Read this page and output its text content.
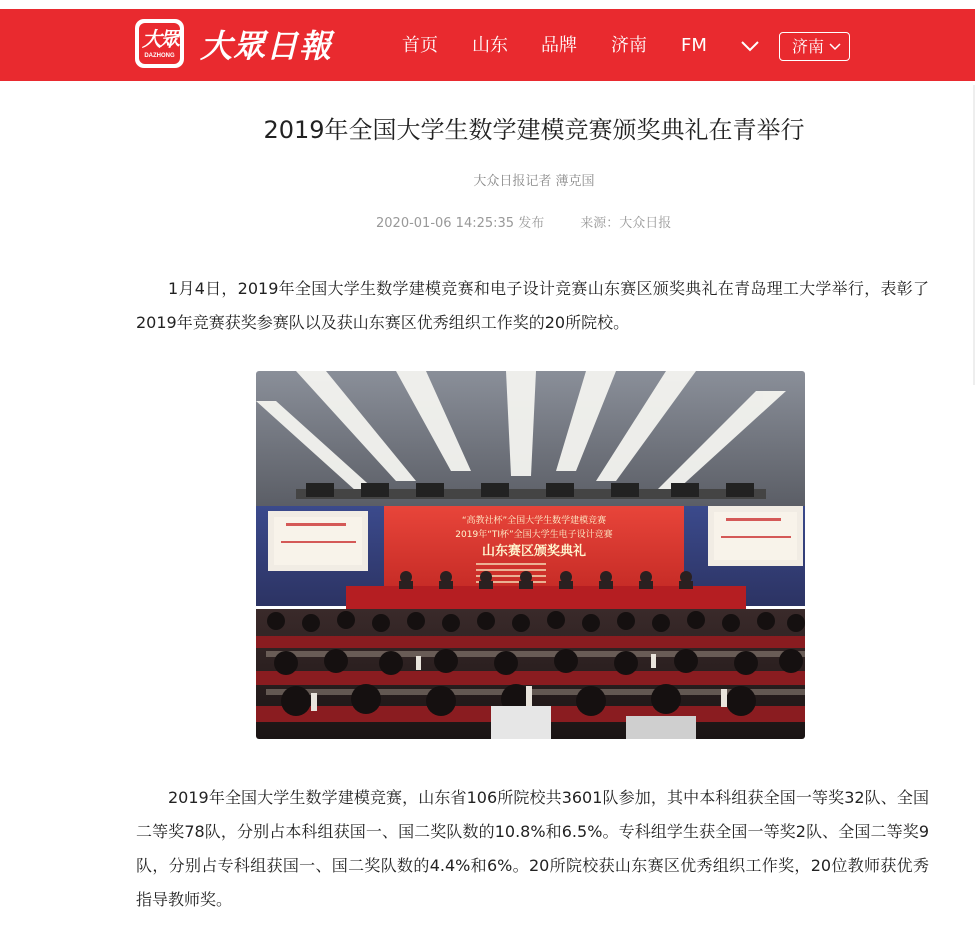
大眾
DAZHONG 大眾日報	首页 山东 品牌 济南 FM	济南
2019年全国大学生数学建模竞赛颁奖典礼在青举行
大众日报记者 薄克国
2020-01-06 14:25:35 发布	来源：大众日报

1月4日，2019年全国大学生数学建模竞赛和电子设计竞赛山东赛区颁奖典礼在青岛理工大学举行，表彰了2019年竞赛获奖参赛队以及获山东赛区优秀组织工作奖的20所院校。

“高教社杯”全国大学生数学建模竞赛
2019年“TI杯”全国大学生电子设计竞赛
山东赛区颁奖典礼

2019年全国大学生数学建模竞赛，山东省106所院校共3601队参加，其中本科组获全国一等奖32队、全国二等奖78队，分别占本科组获国一、国二奖队数的10.8%和6.5%。专科组学生获全国一等奖2队、全国二等奖9队，分别占专科组获国一、国二奖队数的4.4%和6%。20所院校获山东赛区优秀组织工作奖，20位教师获优秀指导教师奖。
